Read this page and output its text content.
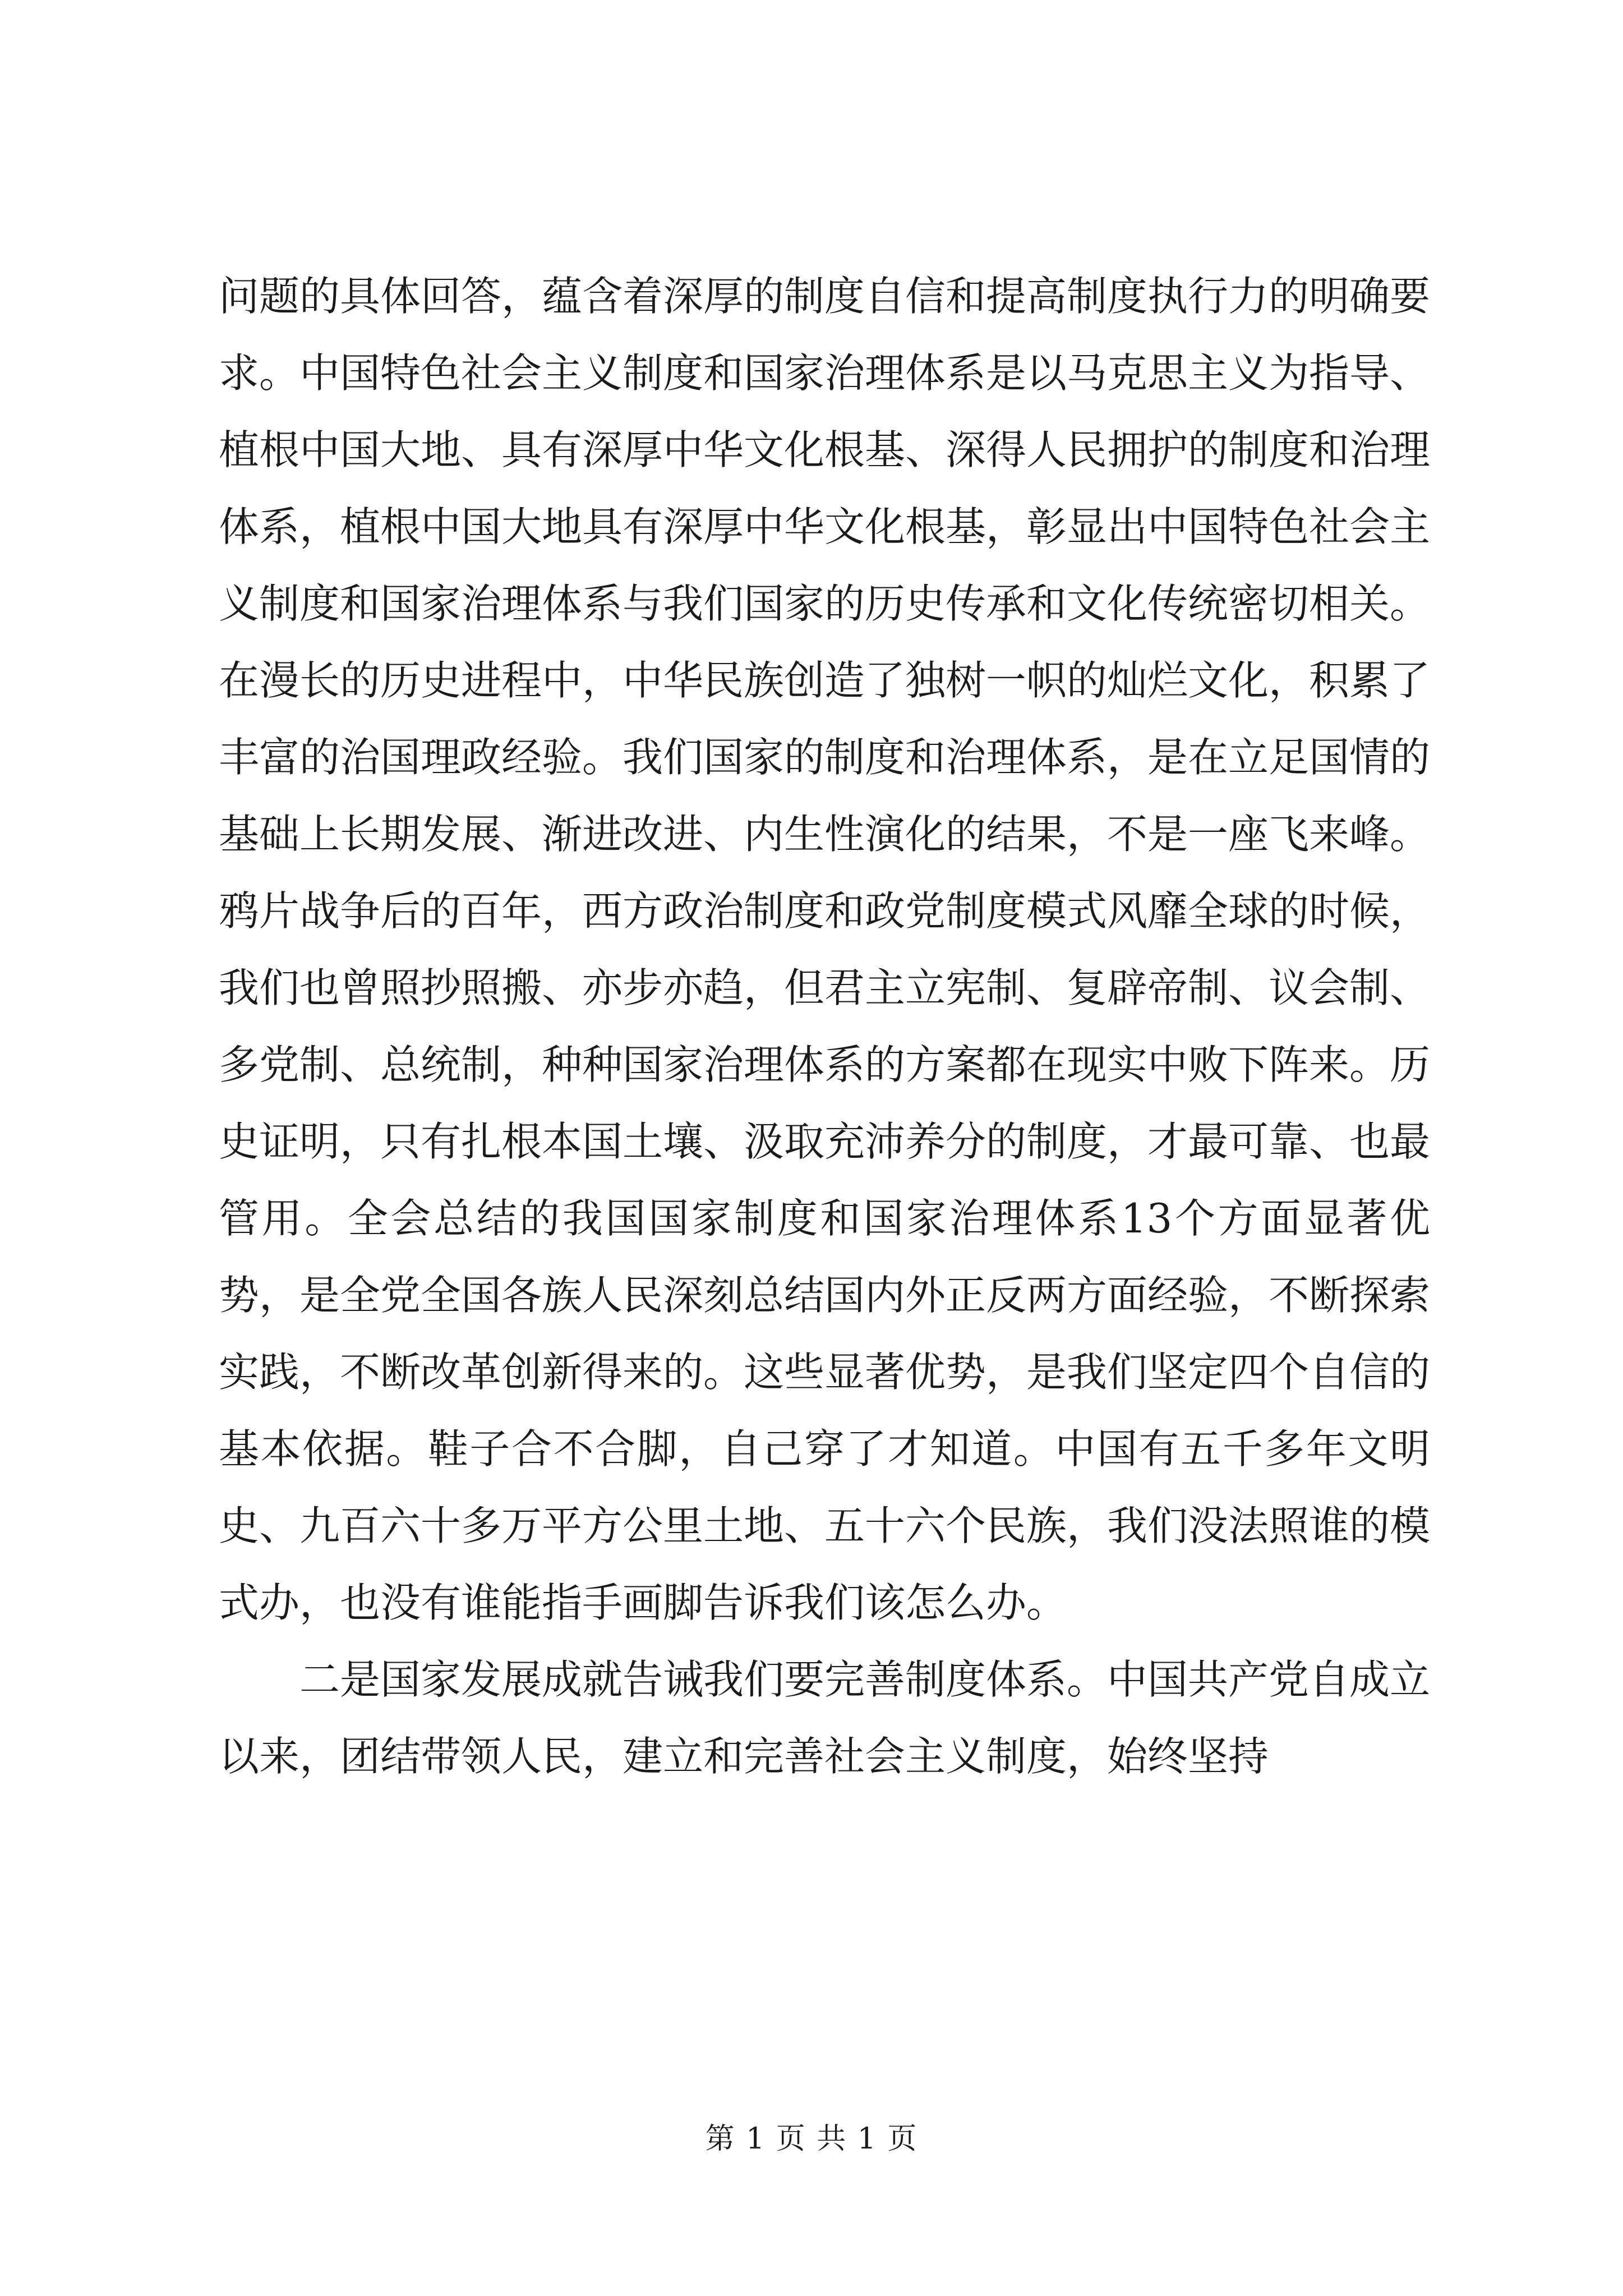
问题的具体回答，蕴含着深厚的制度自信和提高制度执行力的明确要求。中国特色社会主义制度和国家治理体系是以马克思主义为指导、植根中国大地、具有深厚中华文化根基、深得人民拥护的制度和治理体系，植根中国大地具有深厚中华文化根基，彰显出中国特色社会主义制度和国家治理体系与我们国家的历史传承和文化传统密切相关。在漫长的历史进程中，中华民族创造了独树一帜的灿烂文化，积累了丰富的治国理政经验。我们国家的制度和治理体系，是在立足国情的基础上长期发展、渐进改进、内生性演化的结果，不是一座飞来峰。鸦片战争后的百年，西方政治制度和政党制度模式风靡全球的时候，我们也曾照抄照搬、亦步亦趋，但君主立宪制、复辟帝制、议会制、多党制、总统制，种种国家治理体系的方案都在现实中败下阵来。历史证明，只有扎根本国土壤、汲取充沛养分的制度，才最可靠、也最管用。全会总结的我国国家制度和国家治理体系13个方面显著优势，是全党全国各族人民深刻总结国内外正反两方面经验，不断探索实践，不断改革创新得来的。这些显著优势，是我们坚定四个自信的基本依据。鞋子合不合脚，自己穿了才知道。中国有五千多年文明史、九百六十多万平方公里土地、五十六个民族，我们没法照谁的模式办，也没有谁能指手画脚告诉我们该怎么办。

二是国家发展成就告诫我们要完善制度体系。中国共产党自成立以来，团结带领人民，建立和完善社会主义制度，始终坚持

第 1 页 共 1 页
